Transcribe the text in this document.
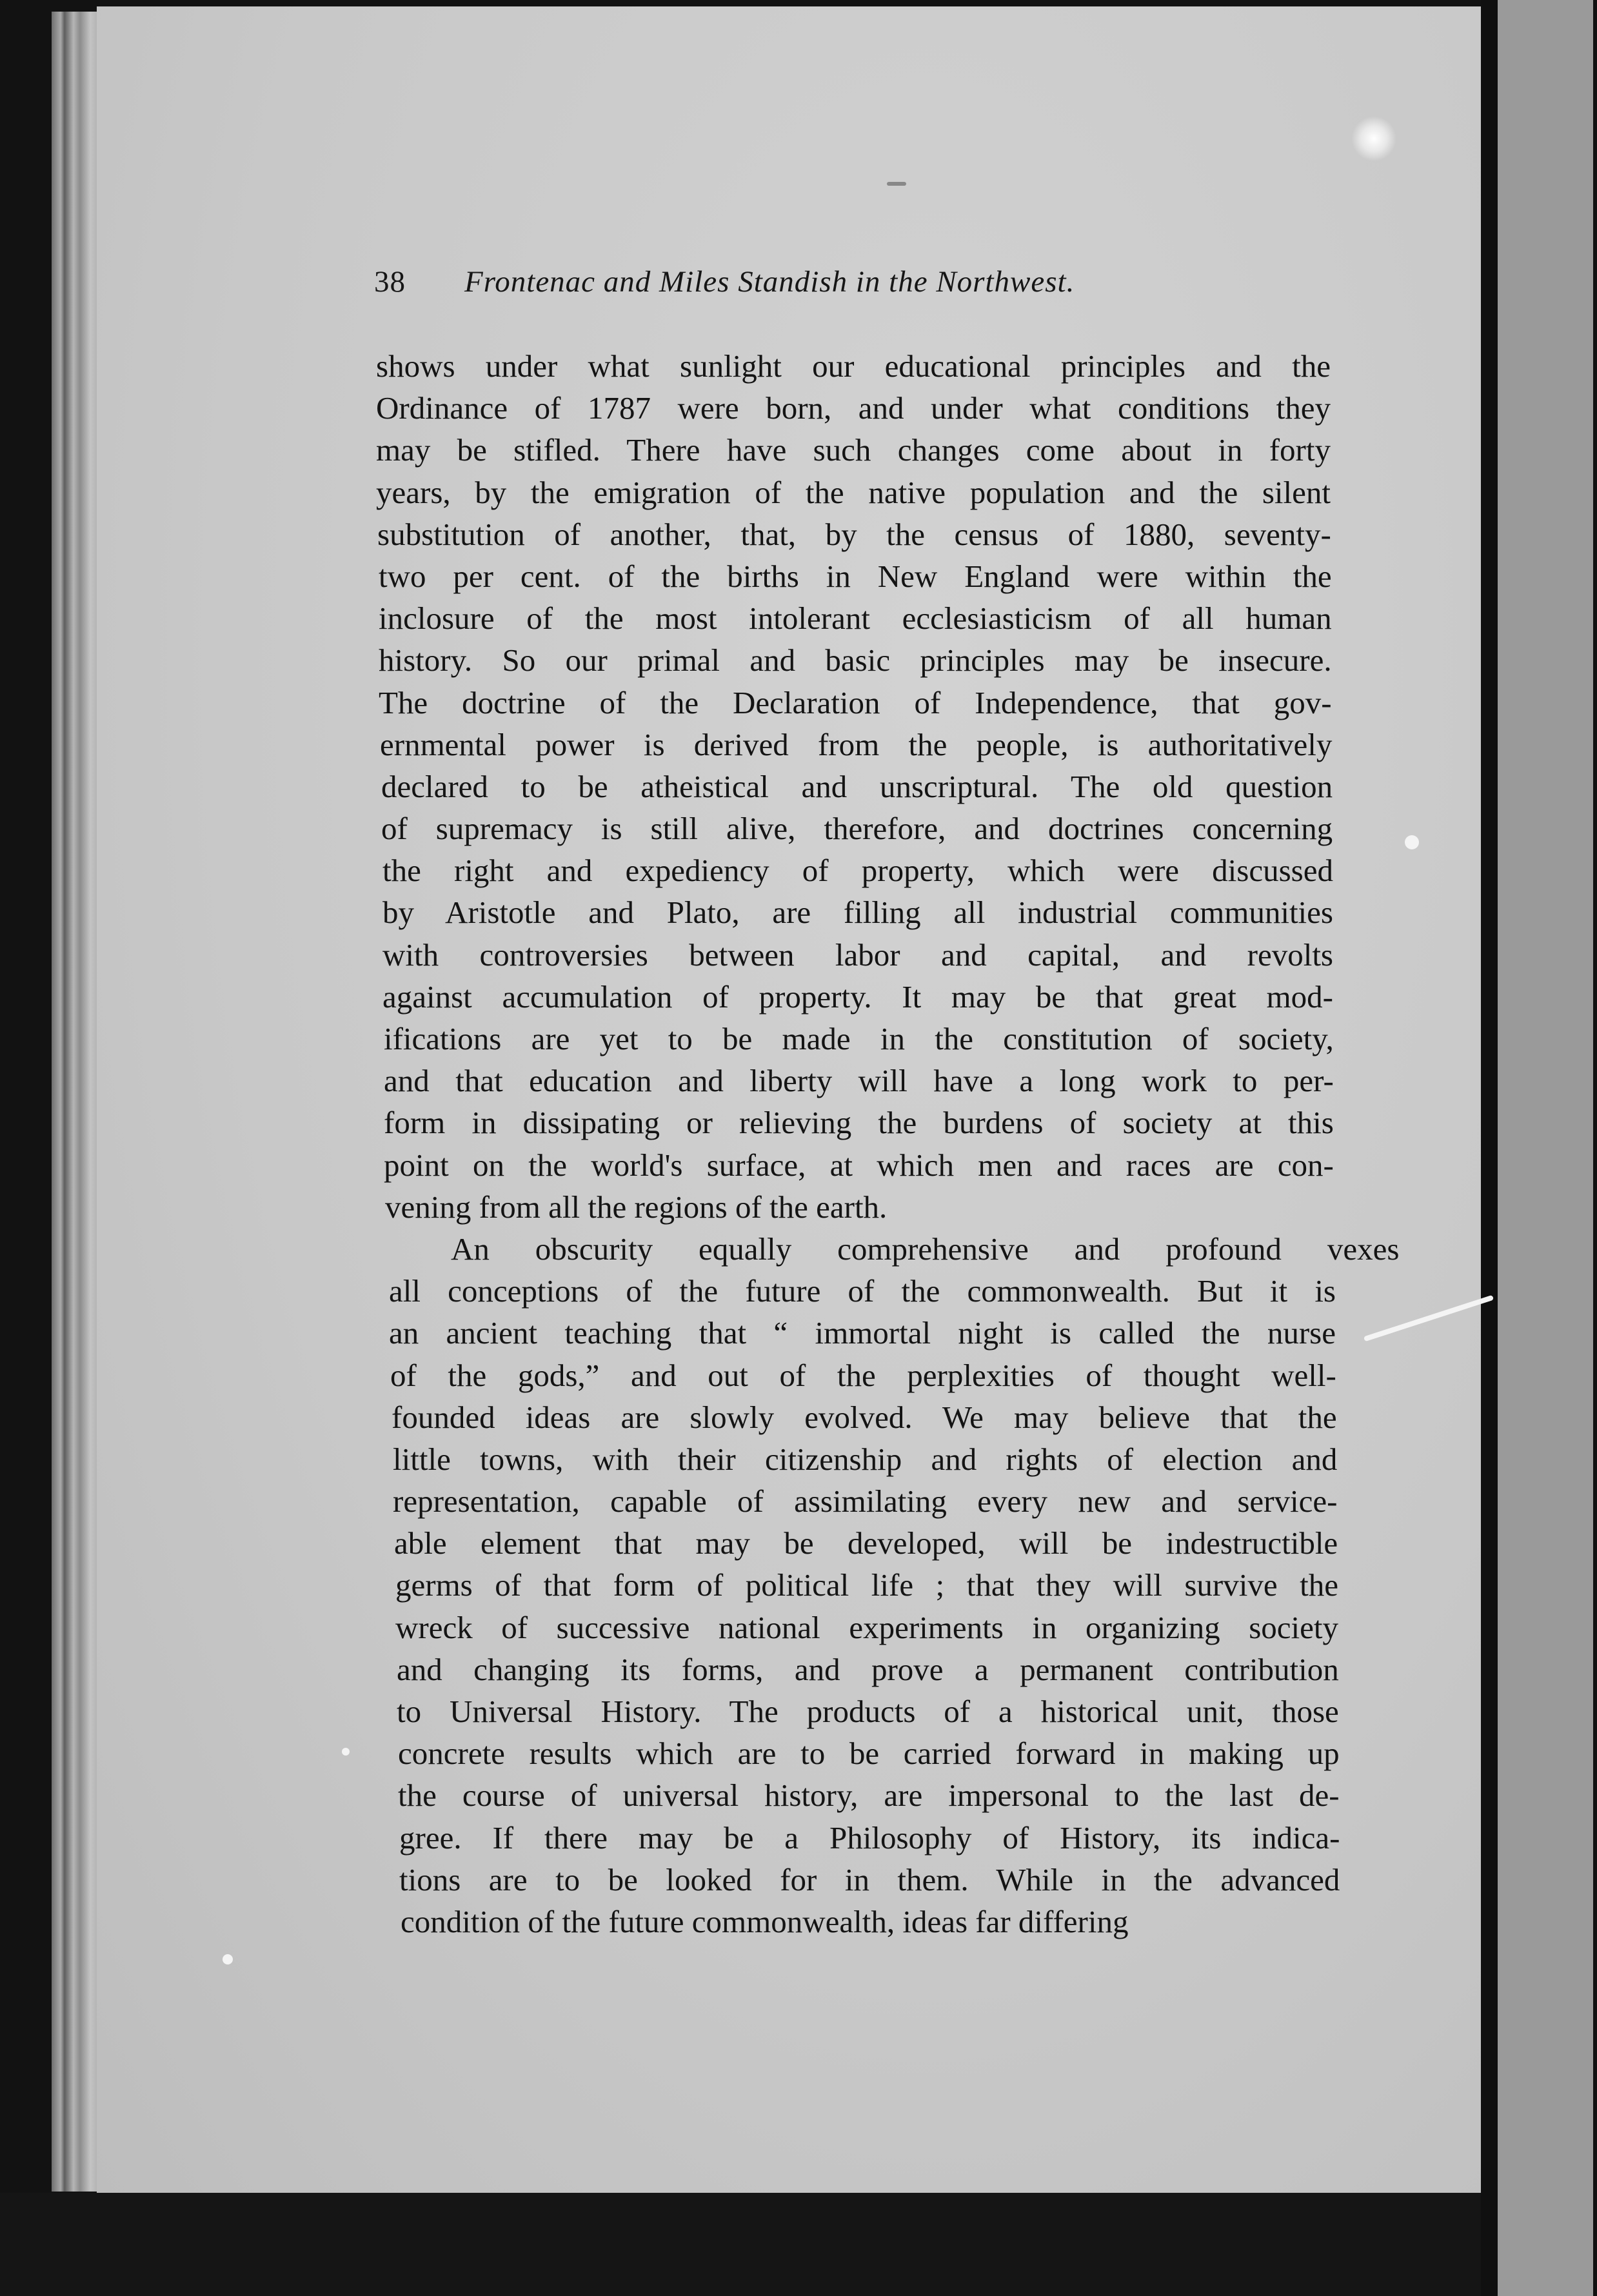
38 Frontenac and Miles Standish in the Northwest.
shows under what sunlight our educational principles and the
Ordinance of 1787 were born, and under what conditions they
may be stifled. There have such changes come about in forty
years, by the emigration of the native population and the silent
substitution of another, that, by the census of 1880, seventy-
two per cent. of the births in New England were within the
inclosure of the most intolerant ecclesiasticism of all human
history. So our primal and basic principles may be insecure.
The doctrine of the Declaration of Independence, that gov-
ernmental power is derived from the people, is authoritatively
declared to be atheistical and unscriptural. The old question
of supremacy is still alive, therefore, and doctrines concerning
the right and expediency of property, which were discussed
by Aristotle and Plato, are filling all industrial communities
with controversies between labor and capital, and revolts
against accumulation of property. It may be that great mod-
ifications are yet to be made in the constitution of society,
and that education and liberty will have a long work to per-
form in dissipating or relieving the burdens of society at this
point on the world's surface, at which men and races are con-
vening from all the regions of the earth.
An obscurity equally comprehensive and profound vexes
all conceptions of the future of the commonwealth. But it is
an ancient teaching that “ immortal night is called the nurse
of the gods,” and out of the perplexities of thought well-
founded ideas are slowly evolved. We may believe that the
little towns, with their citizenship and rights of election and
representation, capable of assimilating every new and service-
able element that may be developed, will be indestructible
germs of that form of political life ; that they will survive the
wreck of successive national experiments in organizing society
and changing its forms, and prove a permanent contribution
to Universal History. The products of a historical unit, those
concrete results which are to be carried forward in making up
the course of universal history, are impersonal to the last de-
gree. If there may be a Philosophy of History, its indica-
tions are to be looked for in them. While in the advanced
condition of the future commonwealth, ideas far differing
